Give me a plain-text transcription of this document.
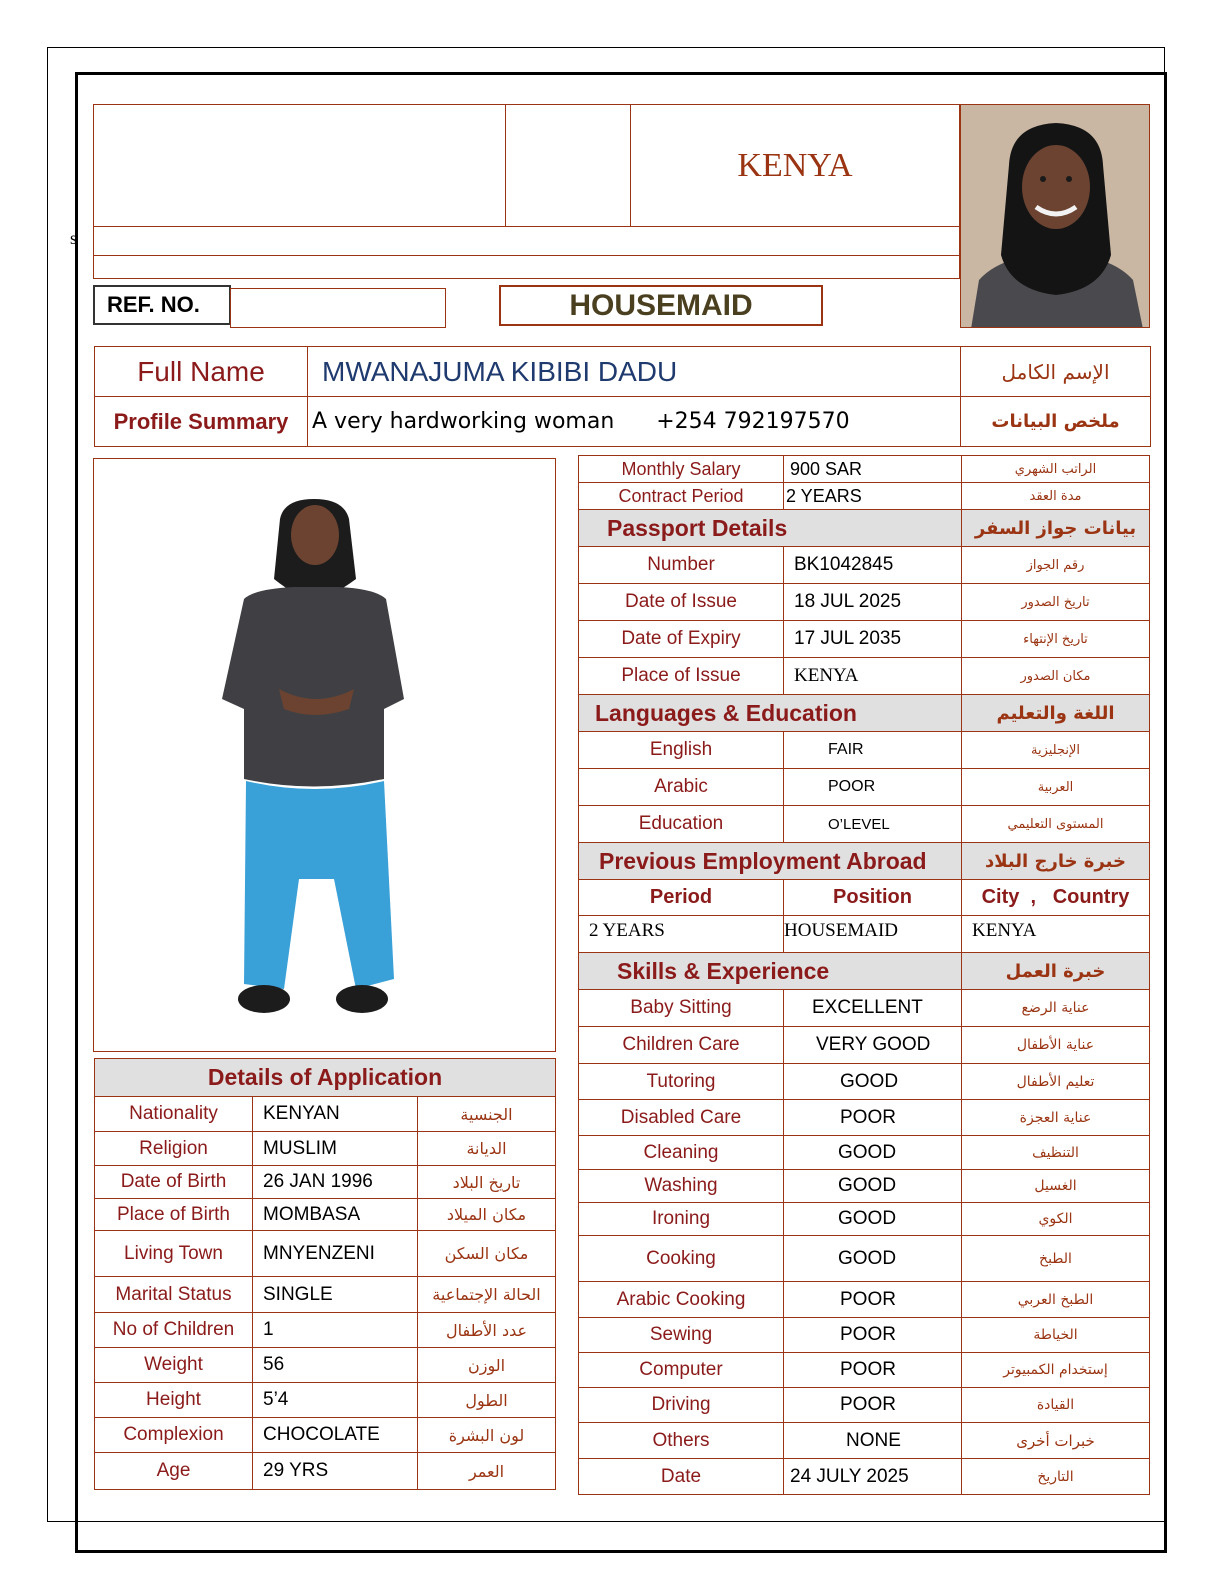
s
KENYA
REF. NO.	HOUSEMAID
Full Name	MWANAJUMA KIBIBI DADU	الإسم الكامل
Profile Summary	A very hardworking woman      +254 792197570	ملخص البيانات
Details of Application		
Nationality	KENYAN	الجنسية
Religion	MUSLIM	الديانة
Date of Birth	26 JAN 1996	تاريخ البلاد
Place of Birth	MOMBASA	مكان الميلاد
Living Town	MNYENZENI	مكان السكن
Marital Status	SINGLE	الحالة الإجتماعية
No of Children	1	عدد الأطفال
Weight	56	الوزن
Height	5’4	الطول
Complexion	CHOCOLATE	لون البشرة
Age	29 YRS	العمر
Monthly Salary	900 SAR	الراتب الشهري
Contract Period	2 YEARS	مدة العقد
Passport Details		بيانات جواز السفر
Number	BK1042845	رقم الجواز
Date of Issue	18 JUL 2025	تاريخ الصدور
Date of Expiry	17 JUL 2035	تاريخ الإنتهاء
Place of Issue	KENYA	مكان الصدور
Languages & Education		اللغة والتعليم
English	FAIR	الإنجليزية
Arabic	POOR	العربية
Education	O’LEVEL	المستوى التعليمي
Previous Employment Abroad		خبرة خارج البلاد
Period	Position	City  ,   Country
2 YEARS	HOUSEMAID	KENYA
Skills & Experience		خبرة العمل
Baby Sitting	EXCELLENT	عناية الرضع
Children Care	VERY GOOD	عناية الأطفال
Tutoring	GOOD	تعليم الأطفال
Disabled Care	POOR	عناية العجزة
Cleaning	GOOD	التنظيف
Washing	GOOD	الغسيل
Ironing	GOOD	الكوي
Cooking	GOOD	الطبخ
Arabic Cooking	POOR	الطبخ العربي
Sewing	POOR	الخياطة
Computer	POOR	إستخدام الكمبيوتر
Driving	POOR	القيادة
Others	NONE	خبرات أخرى
Date	24 JULY 2025	التاريخ
